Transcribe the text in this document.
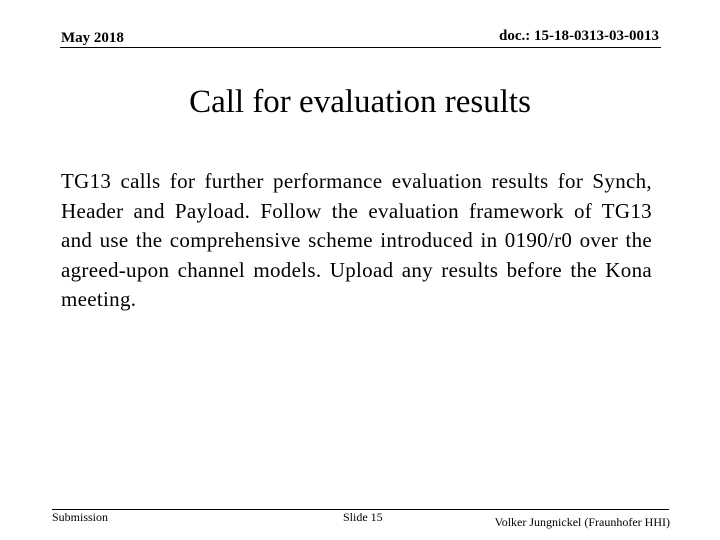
May 2018	doc.: 15-18-0313-03-0013
Call for evaluation results

TG13 calls for further performance evaluation results for Synch, Header and Payload. Follow the evaluation framework of TG13 and use the comprehensive scheme introduced in 0190/r0 over the agreed-upon channel models. Upload any results before the Kona meeting.

Submission	Slide 15	Volker Jungnickel (Fraunhofer HHI)
